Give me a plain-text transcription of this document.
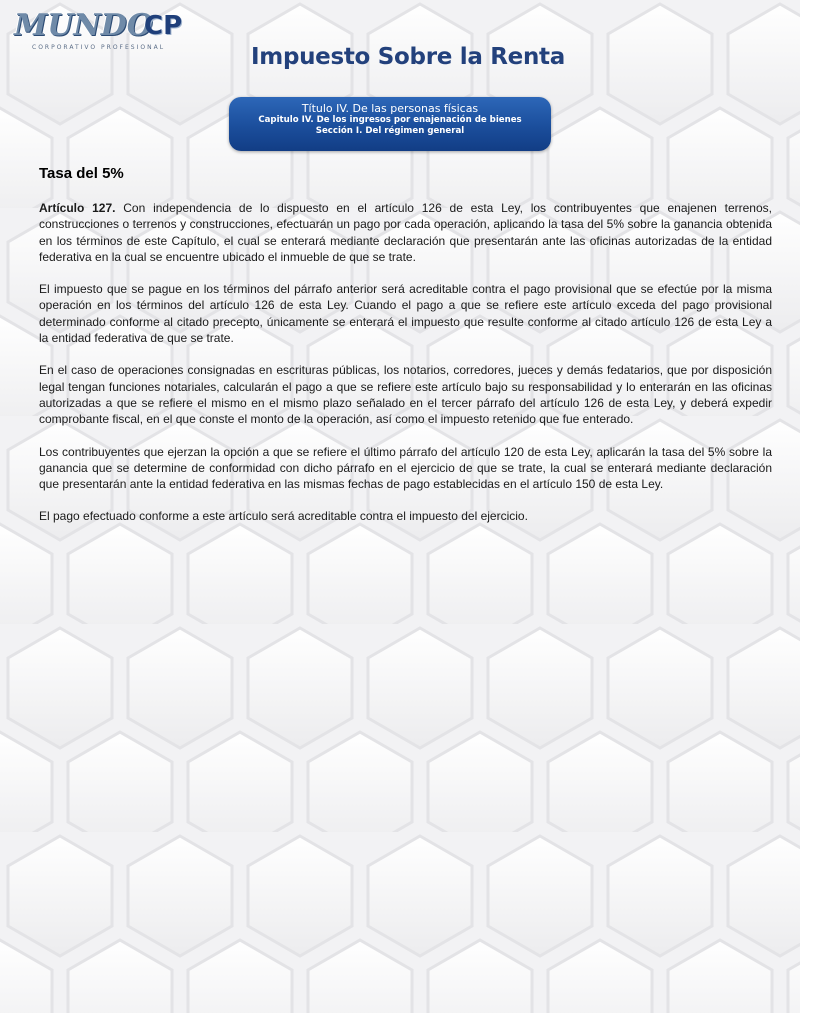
MUNDO
CP
CORPORATIVO PROFESIONAL	Impuesto Sobre la Renta
Título IV. De las personas físicas
Capitulo IV. De los ingresos por enajenación de bienes
Sección I. Del régimen general
Tasa del 5%

Artículo 127. Con independencia de lo dispuesto en el artículo 126 de esta Ley, los contribuyentes que enajenen terrenos, construcciones o terrenos y construcciones, efectuarán un pago por cada operación, aplicando la tasa del 5% sobre la ganancia obtenida en los términos de este Capítulo, el cual se enterará mediante declaración que presentarán ante las oficinas autorizadas de la entidad federativa en la cual se encuentre ubicado el inmueble de que se trate.

El impuesto que se pague en los términos del párrafo anterior será acreditable contra el pago provisional que se efectúe por la misma operación en los términos del artículo 126 de esta Ley. Cuando el pago a que se refiere este artículo exceda del pago provisional determinado conforme al citado precepto, únicamente se enterará el impuesto que resulte conforme al citado artículo 126 de esta Ley a la entidad federativa de que se trate.

En el caso de operaciones consignadas en escrituras públicas, los notarios, corredores, jueces y demás fedatarios, que por disposición legal tengan funciones notariales, calcularán el pago a que se refiere este artículo bajo su responsabilidad y lo enterarán en las oficinas autorizadas a que se refiere el mismo en el mismo plazo señalado en el tercer párrafo del artículo 126 de esta Ley, y deberá expedir comprobante fiscal, en el que conste el monto de la operación, así como el impuesto retenido que fue enterado.

Los contribuyentes que ejerzan la opción a que se refiere el último párrafo del artículo 120 de esta Ley, aplicarán la tasa del 5% sobre la ganancia que se determine de conformidad con dicho párrafo en el ejercicio de que se trate, la cual se enterará mediante declaración que presentarán ante la entidad federativa en las mismas fechas de pago establecidas en el artículo 150 de esta Ley.

El pago efectuado conforme a este artículo será acreditable contra el impuesto del ejercicio.
